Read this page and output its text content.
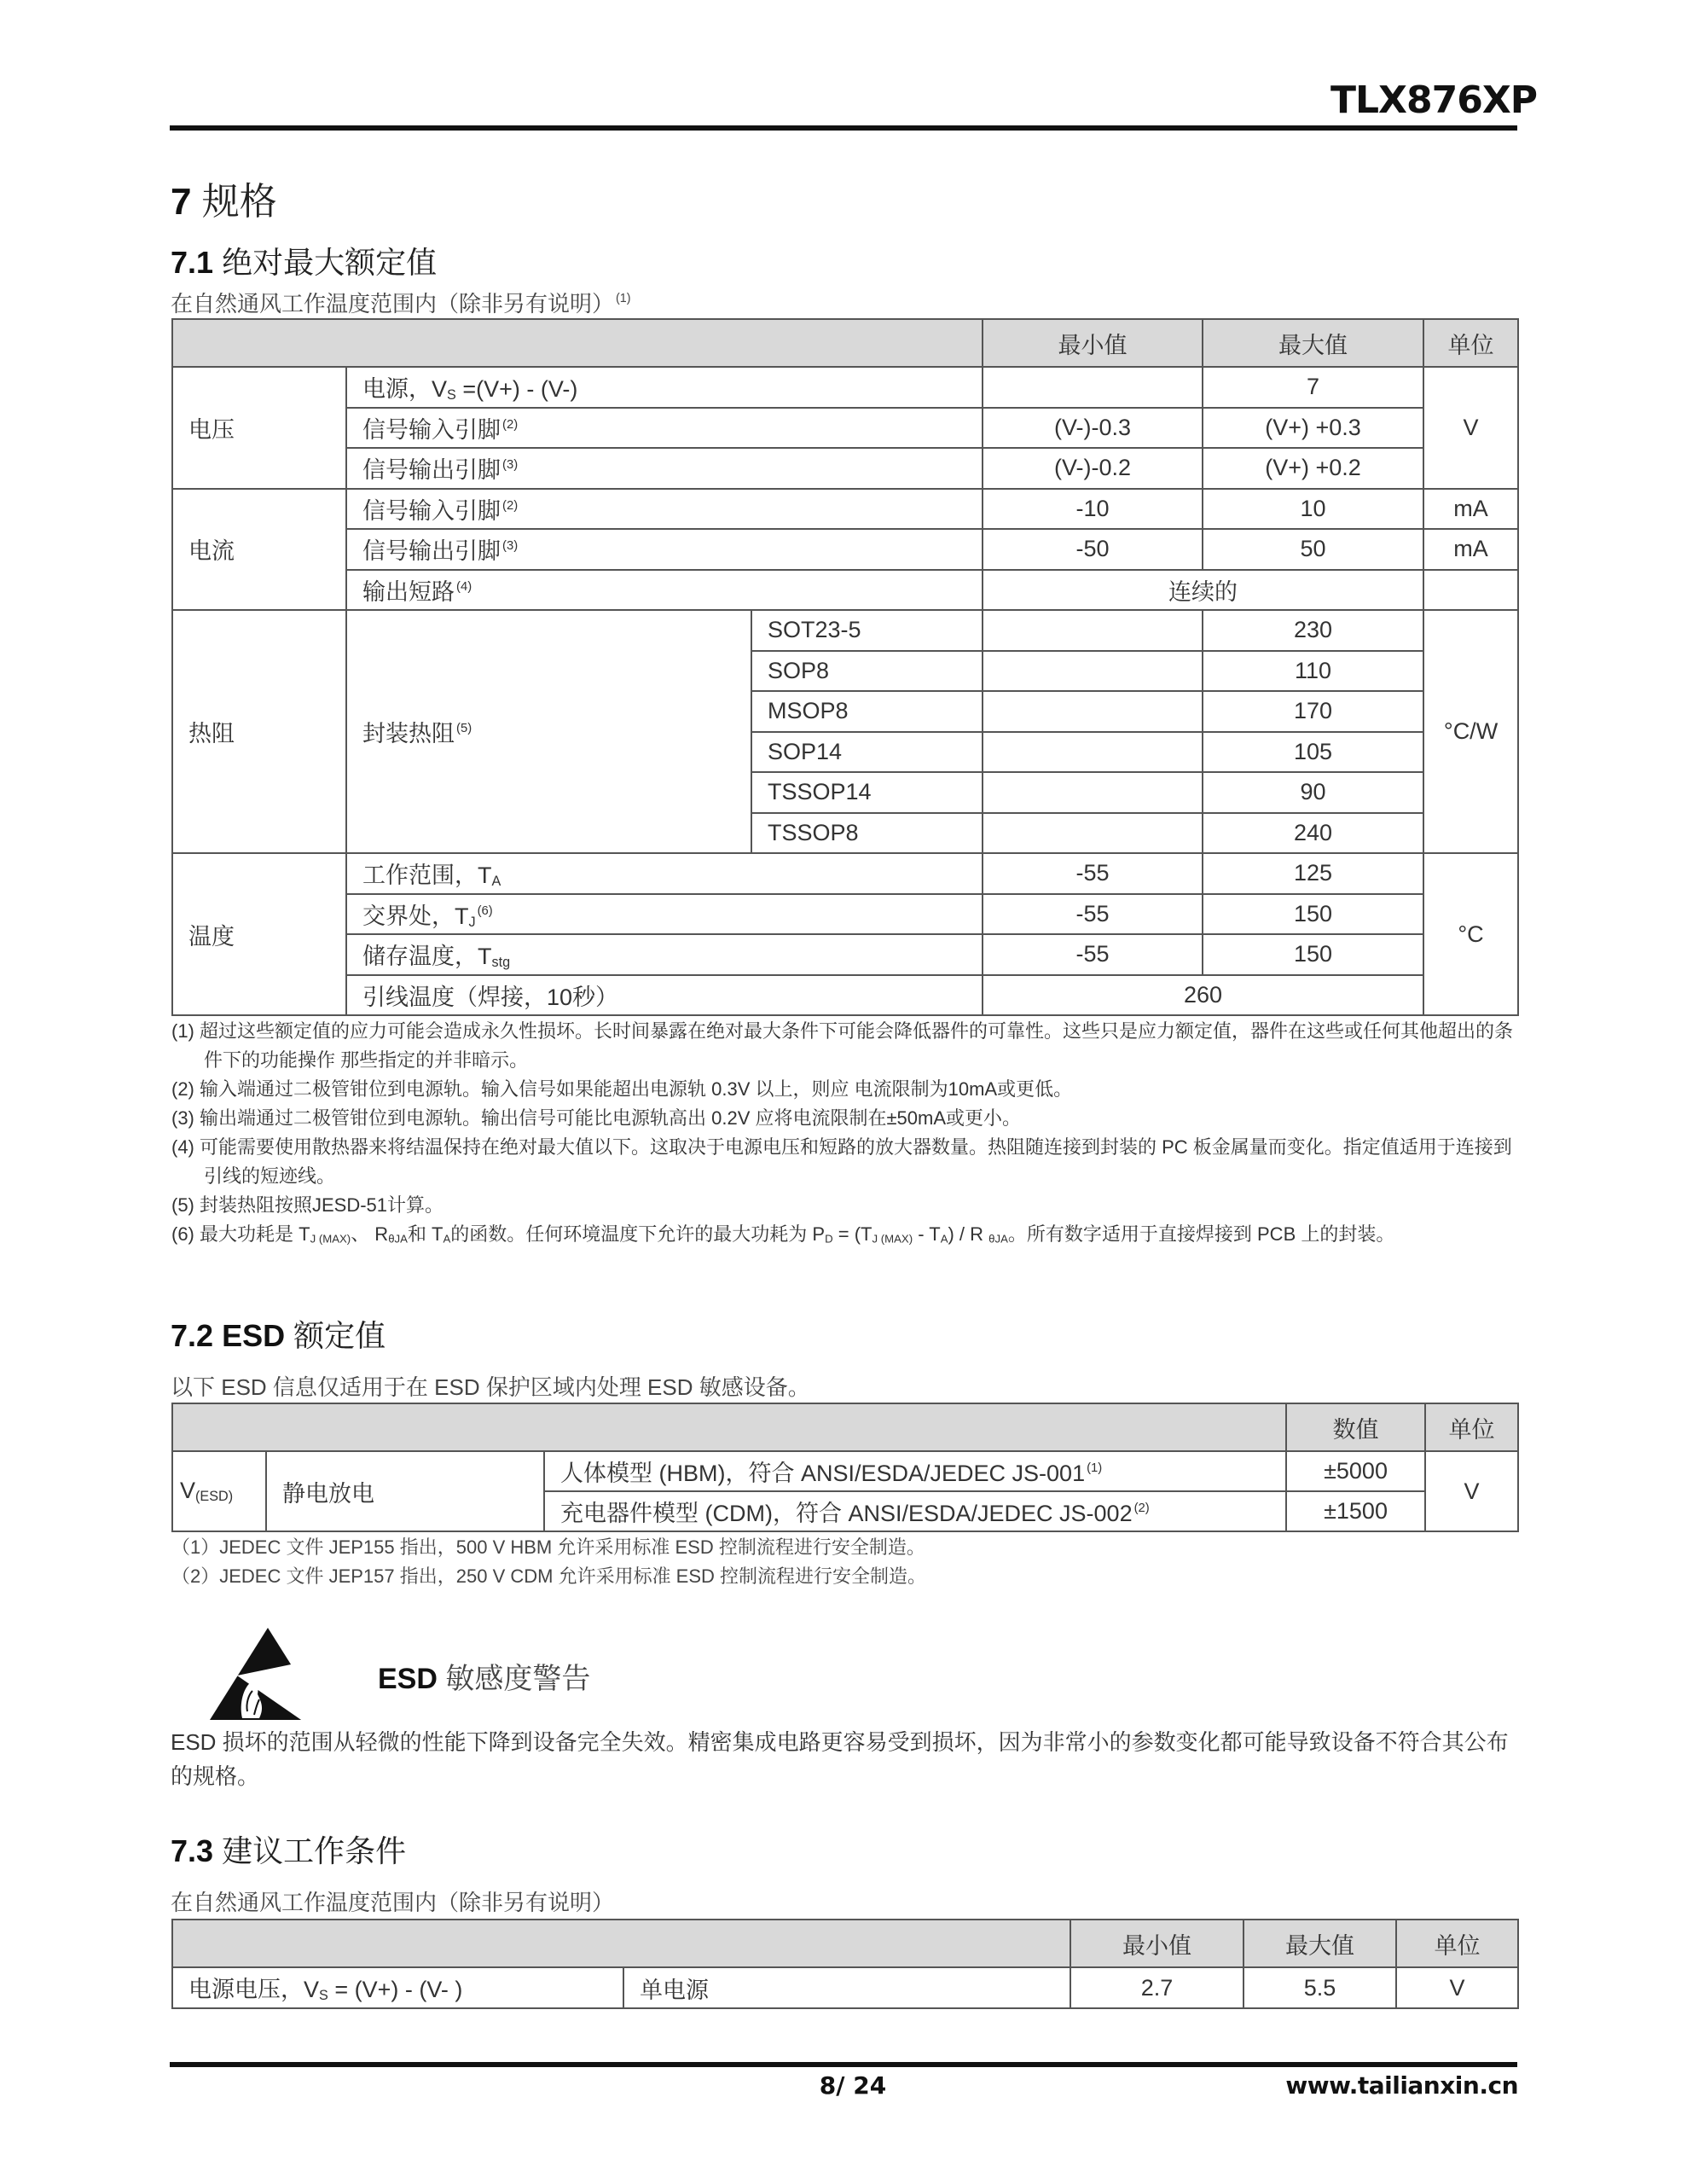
TLX876XP
7 规格
7.1 绝对最大额定值
在自然通风工作温度范围内（除非另有说明） $^{(1)}$
			最小值	最大值	单位
电压	电源，$V_S =(V+) - (V-)$			7	V
	信号输入引脚 $^{(2)}$		(V-)-0.3	(V+) +0.3	
	信号输出引脚 $^{(3)}$		(V-)-0.2	(V+) +0.2	
电流	信号输入引脚 $^{(2)}$		-10	10	mA
	信号输出引脚 $^{(3)}$		-50	50	mA
	输出短路 $^{(4)}$		连续的		
热阻	封装热阻 $^{(5)}$	SOT23-5		230	°C/W
		SOP8		110	
		MSOP8		170	
		SOP14		105	
		TSSOP14		90	
		TSSOP8		240	
温度	工作范围，$T_A$		-55	125	°C
	交界处，$T_J^{(6)}$		-55	150	
	储存温度，$T_{stg}$		-55	150	
	引线温度（焊接，10秒）		260		
(1) 超过这些额定值的应力可能会造成永久性损坏。长时间暴露在绝对最大条件下可能会降低器件的可靠性。这些只是应力额定值，器件在这些或任何其他超出的条件下的功能操作 那些指定的并非暗示。
(2) 输入端通过二极管钳位到电源轨。输入信号如果能超出电源轨 0.3V 以上，则应 电流限制为10mA或更低。
(3) 输出端通过二极管钳位到电源轨。输出信号可能比电源轨高出 0.2V 应将电流限制在±50mA或更小。
(4) 可能需要使用散热器来将结温保持在绝对最大值以下。这取决于电源电压和短路的放大器数量。热阻随连接到封装的 PC 板金属量而变化。指定值适用于连接到引线的短迹线。
(5) 封装热阻按照JESD-51计算。
(6) 最大功耗是 $T_{J (MAX)}$、 $R_{\theta JA}$和 $T_A$的函数。任何环境温度下允许的最大功耗为 $P_D = (T_{J (MAX)} - T_A) / R$ $_{\theta JA}$。所有数字适用于直接焊接到 PCB 上的封装。
7.2 ESD 额定值
以下 ESD 信息仅适用于在 ESD 保护区域内处理 ESD 敏感设备。
			数值	单位
$V_{(ESD)}$	静电放电	人体模型 (HBM)，符合 ANSI/ESDA/JEDEC JS-001 $^{(1)}$	±5000	V
		充电器件模型 (CDM)，符合 ANSI/ESDA/JEDEC JS-002 $^{(2)}$	±1500	
（1）JEDEC 文件 JEP155 指出，500 V HBM 允许采用标准 ESD 控制流程进行安全制造。
（2）JEDEC 文件 JEP157 指出，250 V CDM 允许采用标准 ESD 控制流程进行安全制造。
ESD 敏感度警告
ESD 损坏的范围从轻微的性能下降到设备完全失效。精密集成电路更容易受到损坏，因为非常小的参数变化都可能导致设备不符合其公布的规格。
7.3 建议工作条件
在自然通风工作温度范围内（除非另有说明）
		最小值	最大值	单位
电源电压，$V_S = (V+) - (V-$ )	单电源	2.7	5.5	V
8/ 24	www.tailianxin.cn
